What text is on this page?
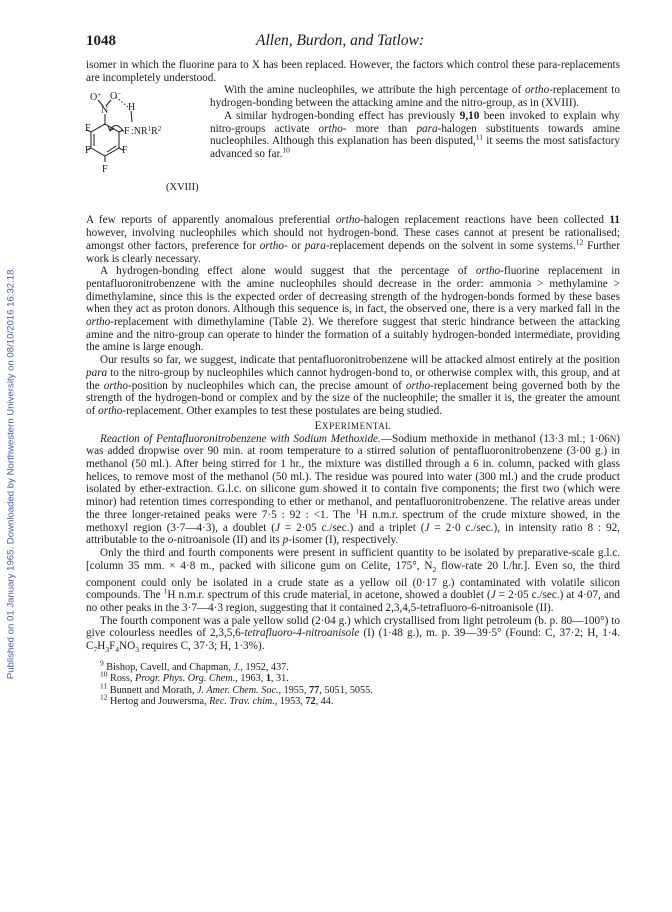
Published on 01 January 1965. Downloaded by Northwestern University on 08/10/2016 16:32:18.
1048	Allen, Burdon, and Tatlow:

isomer in which the fluorine para to X has been replaced. However, the factors which control these para-replacements are incompletely understood.

O+
N
O−
H
F $:NR^1R^2$
F
F	F
F
(XVIII)

With the amine nucleophiles, we attribute the high percentage of ortho-replacement to hydrogen-bonding between the attacking amine and the nitro-group, as in (XVIII).

A similar hydrogen-bonding effect has previously 9,10 been invoked to explain why nitro-groups activate ortho- more than para-halogen substituents towards amine nucleophiles. Although this explanation has been disputed,$^{11}$ it seems the most satisfactory advanced so far.$^{10}$

A few reports of apparently anomalous preferential ortho-halogen replacement reactions have been collected 11 however, involving nucleophiles which should not hydrogen-bond. These cases cannot at present be rationalised; amongst other factors, preference for ortho- or para-replacement depends on the solvent in some systems.$^{12}$ Further work is clearly necessary.

A hydrogen-bonding effect alone would suggest that the percentage of ortho-fluorine replacement in pentafluoronitrobenzene with the amine nucleophiles should decrease in the order: ammonia > methylamine > dimethylamine, since this is the expected order of decreasing strength of the hydrogen-bonds formed by these bases when they act as proton donors. Although this sequence is, in fact, the observed one, there is a very marked fall in the ortho-replacement with dimethylamine (Table 2). We therefore suggest that steric hindrance between the attacking amine and the nitro-group can operate to hinder the formation of a suitably hydrogen-bonded intermediate, providing the amine is large enough.

Our results so far, we suggest, indicate that pentafluoronitrobenzene will be attacked almost entirely at the position para to the nitro-group by nucleophiles which cannot hydrogen-bond to, or otherwise complex with, this group, and at the ortho-position by nucleophiles which can, the precise amount of ortho-replacement being governed both by the strength of the hydrogen-bond or complex and by the size of the nucleophile; the smaller it is, the greater the amount of ortho-replacement. Other examples to test these postulates are being studied.

EXPERIMENTAL

Reaction of Pentafluoronitrobenzene with Sodium Methoxide.—Sodium methoxide in methanol (13·3 ml.; 1·06N) was added dropwise over 90 min. at room temperature to a stirred solution of pentafluoronitrobenzene (3·00 g.) in methanol (50 ml.). After being stirred for 1 hr., the mixture was distilled through a 6 in. column, packed with glass helices, to remove most of the methanol (50 ml.). The residue was poured into water (300 ml.) and the crude product isolated by ether-extraction. G.l.c. on silicone gum showed it to contain five components; the first two (which were minor) had retention times corresponding to ether or methanol, and pentafluoronitrobenzene. The relative areas under the three longer-retained peaks were 7·5 : 92 : <1. The $^1$H n.m.r. spectrum of the crude mixture showed, in the methoxyl region (3·7—4·3), a doublet (J = 2·05 c./sec.) and a triplet (J = 2·0 c./sec.), in intensity ratio 8 : 92, attributable to the o-nitroanisole (II) and its p-isomer (I), respectively.

Only the third and fourth components were present in sufficient quantity to be isolated by preparative-scale g.l.c. [column 35 mm. × 4·8 m., packed with silicone gum on Celite, 175°, $N_2$ flow-rate 20 l./hr.]. Even so, the third component could only be isolated in a crude state as a yellow oil (0·17 g.) contaminated with volatile silicon compounds. The $^1$H n.m.r. spectrum of this crude material, in acetone, showed a doublet (J = 2·05 c./sec.) at 4·07, and no other peaks in the 3·7—4·3 region, suggesting that it contained 2,3,4,5-tetrafluoro-6-nitroanisole (II).

The fourth component was a pale yellow solid (2·04 g.) which crystallised from light petroleum (b. p. 80—100°) to give colourless needles of 2,3,5,6-tetrafluoro-4-nitroanisole (I) (1·48 g.), m. p. 39—39·5° (Found: C, 37·2; H, 1·4. $C_7H_3F_4NO_3$ requires C, 37·3; H, 1·3%).

$^9$ Bishop, Cavell, and Chapman, J., 1952, 437.

$^{10}$ Ross, Progr. Phys. Org. Chem., 1963, 1, 31.

$^{11}$ Bunnett and Morath, J. Amer. Chem. Soc., 1955, 77, 5051, 5055.

$^{12}$ Hertog and Jouwersma, Rec. Trav. chim., 1953, 72, 44.
